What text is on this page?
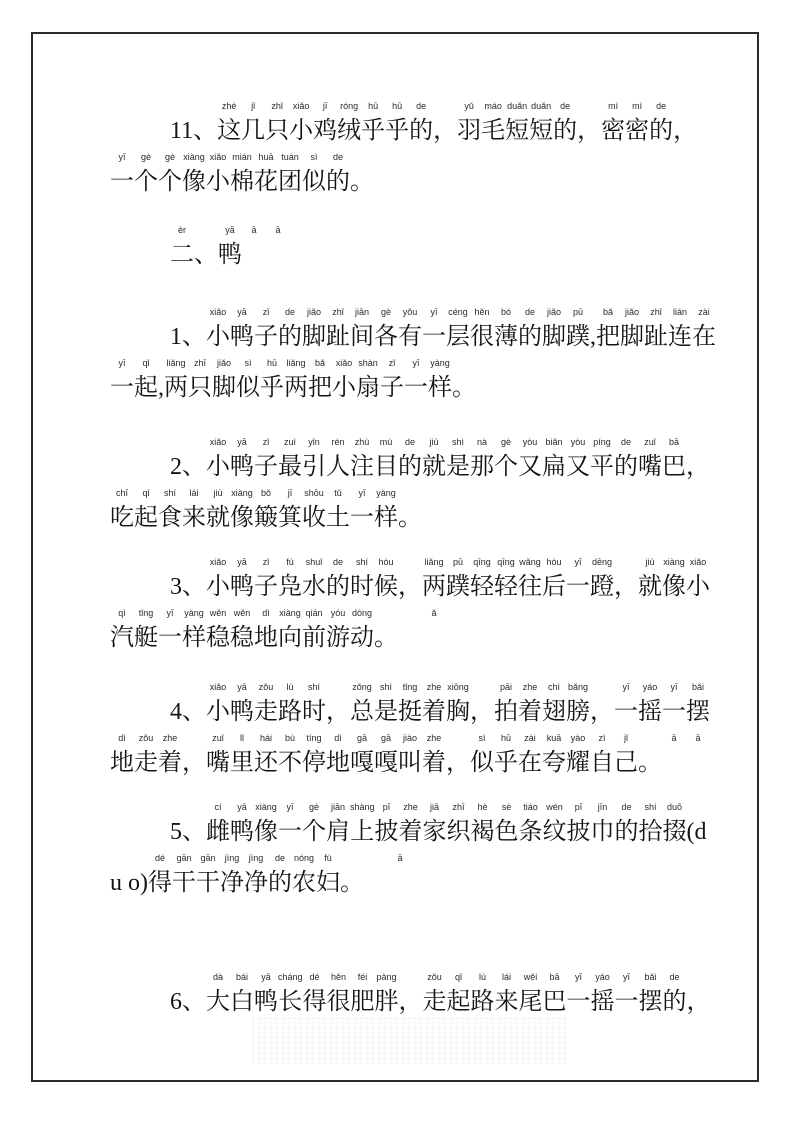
11、
zhè
这
jǐ
几
zhǐ
只
xiǎo
小
jī
鸡
róng
绒
hū
乎
hū
乎
de
的 ，
yǔ
羽
máo
毛
duǎn
短
duǎn
短
de
的 ，
mì
密
mì
密
de
的 ，
yī
一
gè
个
gè
个
xiàng
像
xiǎo
小
mián
棉
huā
花
tuán
团
sì
似
de
的 。
èr
二 、
yā
鸭
ā
　 ā

1、
xiǎo
小
yā
鸭
zǐ
子
de
的
jiǎo
脚
zhǐ
趾
jiān
间
gè
各
yǒu
有
yī
一
céng
层
hěn
很
bó
薄
de
的
jiǎo
脚
pū
蹼 ,
bǎ
把
jiǎo
脚
zhǐ
趾
lián
连
zài
在
yī
一
qǐ
起 ,
liǎng
两
zhī
只
jiǎo
脚
sì
似
hū
乎
liǎng
两
bǎ
把
xiǎo
小
shàn
扇
zǐ
子
yī
一
yàng
样 。
2、
xiǎo
小
yā
鸭
zǐ
子
zuì
最
yǐn
引
rén
人
zhù
注
mù
目
de
的
jiù
就
shì
是
nà
那
gè
个
yòu
又
biǎn
扁
yòu
又
píng
平
de
的
zuǐ
嘴
bā
巴 ，
chī
吃
qǐ
起
shí
食
lái
来
jiù
就
xiàng
像
bǒ
簸
jī
箕
shōu
收
tǔ
土
yī
一
yàng
样 。
3、
xiǎo
小
yā
鸭
zǐ
子
fú
凫
shuǐ
水
de
的
shí
时
hòu
候 ，
liǎng
两
pū
蹼
qīng
轻
qīng
轻
wǎng
往
hòu
后
yī
一
dēng
蹬 ，
jiù
就
xiàng
像
xiǎo
小
qì
汽
tǐng
艇
yī
一
yàng
样
wěn
稳
wěn
稳
dì
地
xiàng
向
qián
前
yóu
游
dòng
动 。

ǎ

4、
xiǎo
小
yā
鸭
zǒu
走
lù
路
shí
时 ，
zǒng
总
shì
是
tǐng
挺
zhe
着
xiōng
胸 ，
pāi
拍
zhe
着
chì
翅
bǎng
膀 ，
yī
一
yáo
摇
yī
一
bǎi
摆
dì
地
zǒu
走
zhe
着 ，
zuǐ
嘴
lǐ
里
hái
还
bù
不
tíng
停
dì
地
gā
嘎
gā
嘎
jiào
叫
zhe
着 ，
sì
似
hū
乎
zài
在
kuā
夸
yào
耀
zì
自
jǐ
己 。
ā
　 ā

5、
cí
雌
yā
鸭
xiàng
像
yī
一
gè
个
jiān
肩
shàng
上
pī
披
zhe
着
jiā
家
zhī
织
hè
褐
sè
色
tiáo
条
wén
纹
pī
披
jīn
巾
de
的
shí
拾
duō
掇 (d
u o)
dé
得
gān
干
gān
干
jìng
净
jìng
净
de
的
nóng
农
fù
妇 。

ā

6、
dà
大
bái
白
yā
鸭
cháng
长
dé
得
hěn
很
féi
肥
pàng
胖 ，
zǒu
走
qǐ
起
lù
路
lái
来
wěi
尾
bā
巴
yī
一
yáo
摇
yī
一
bǎi
摆
de
的 ，
